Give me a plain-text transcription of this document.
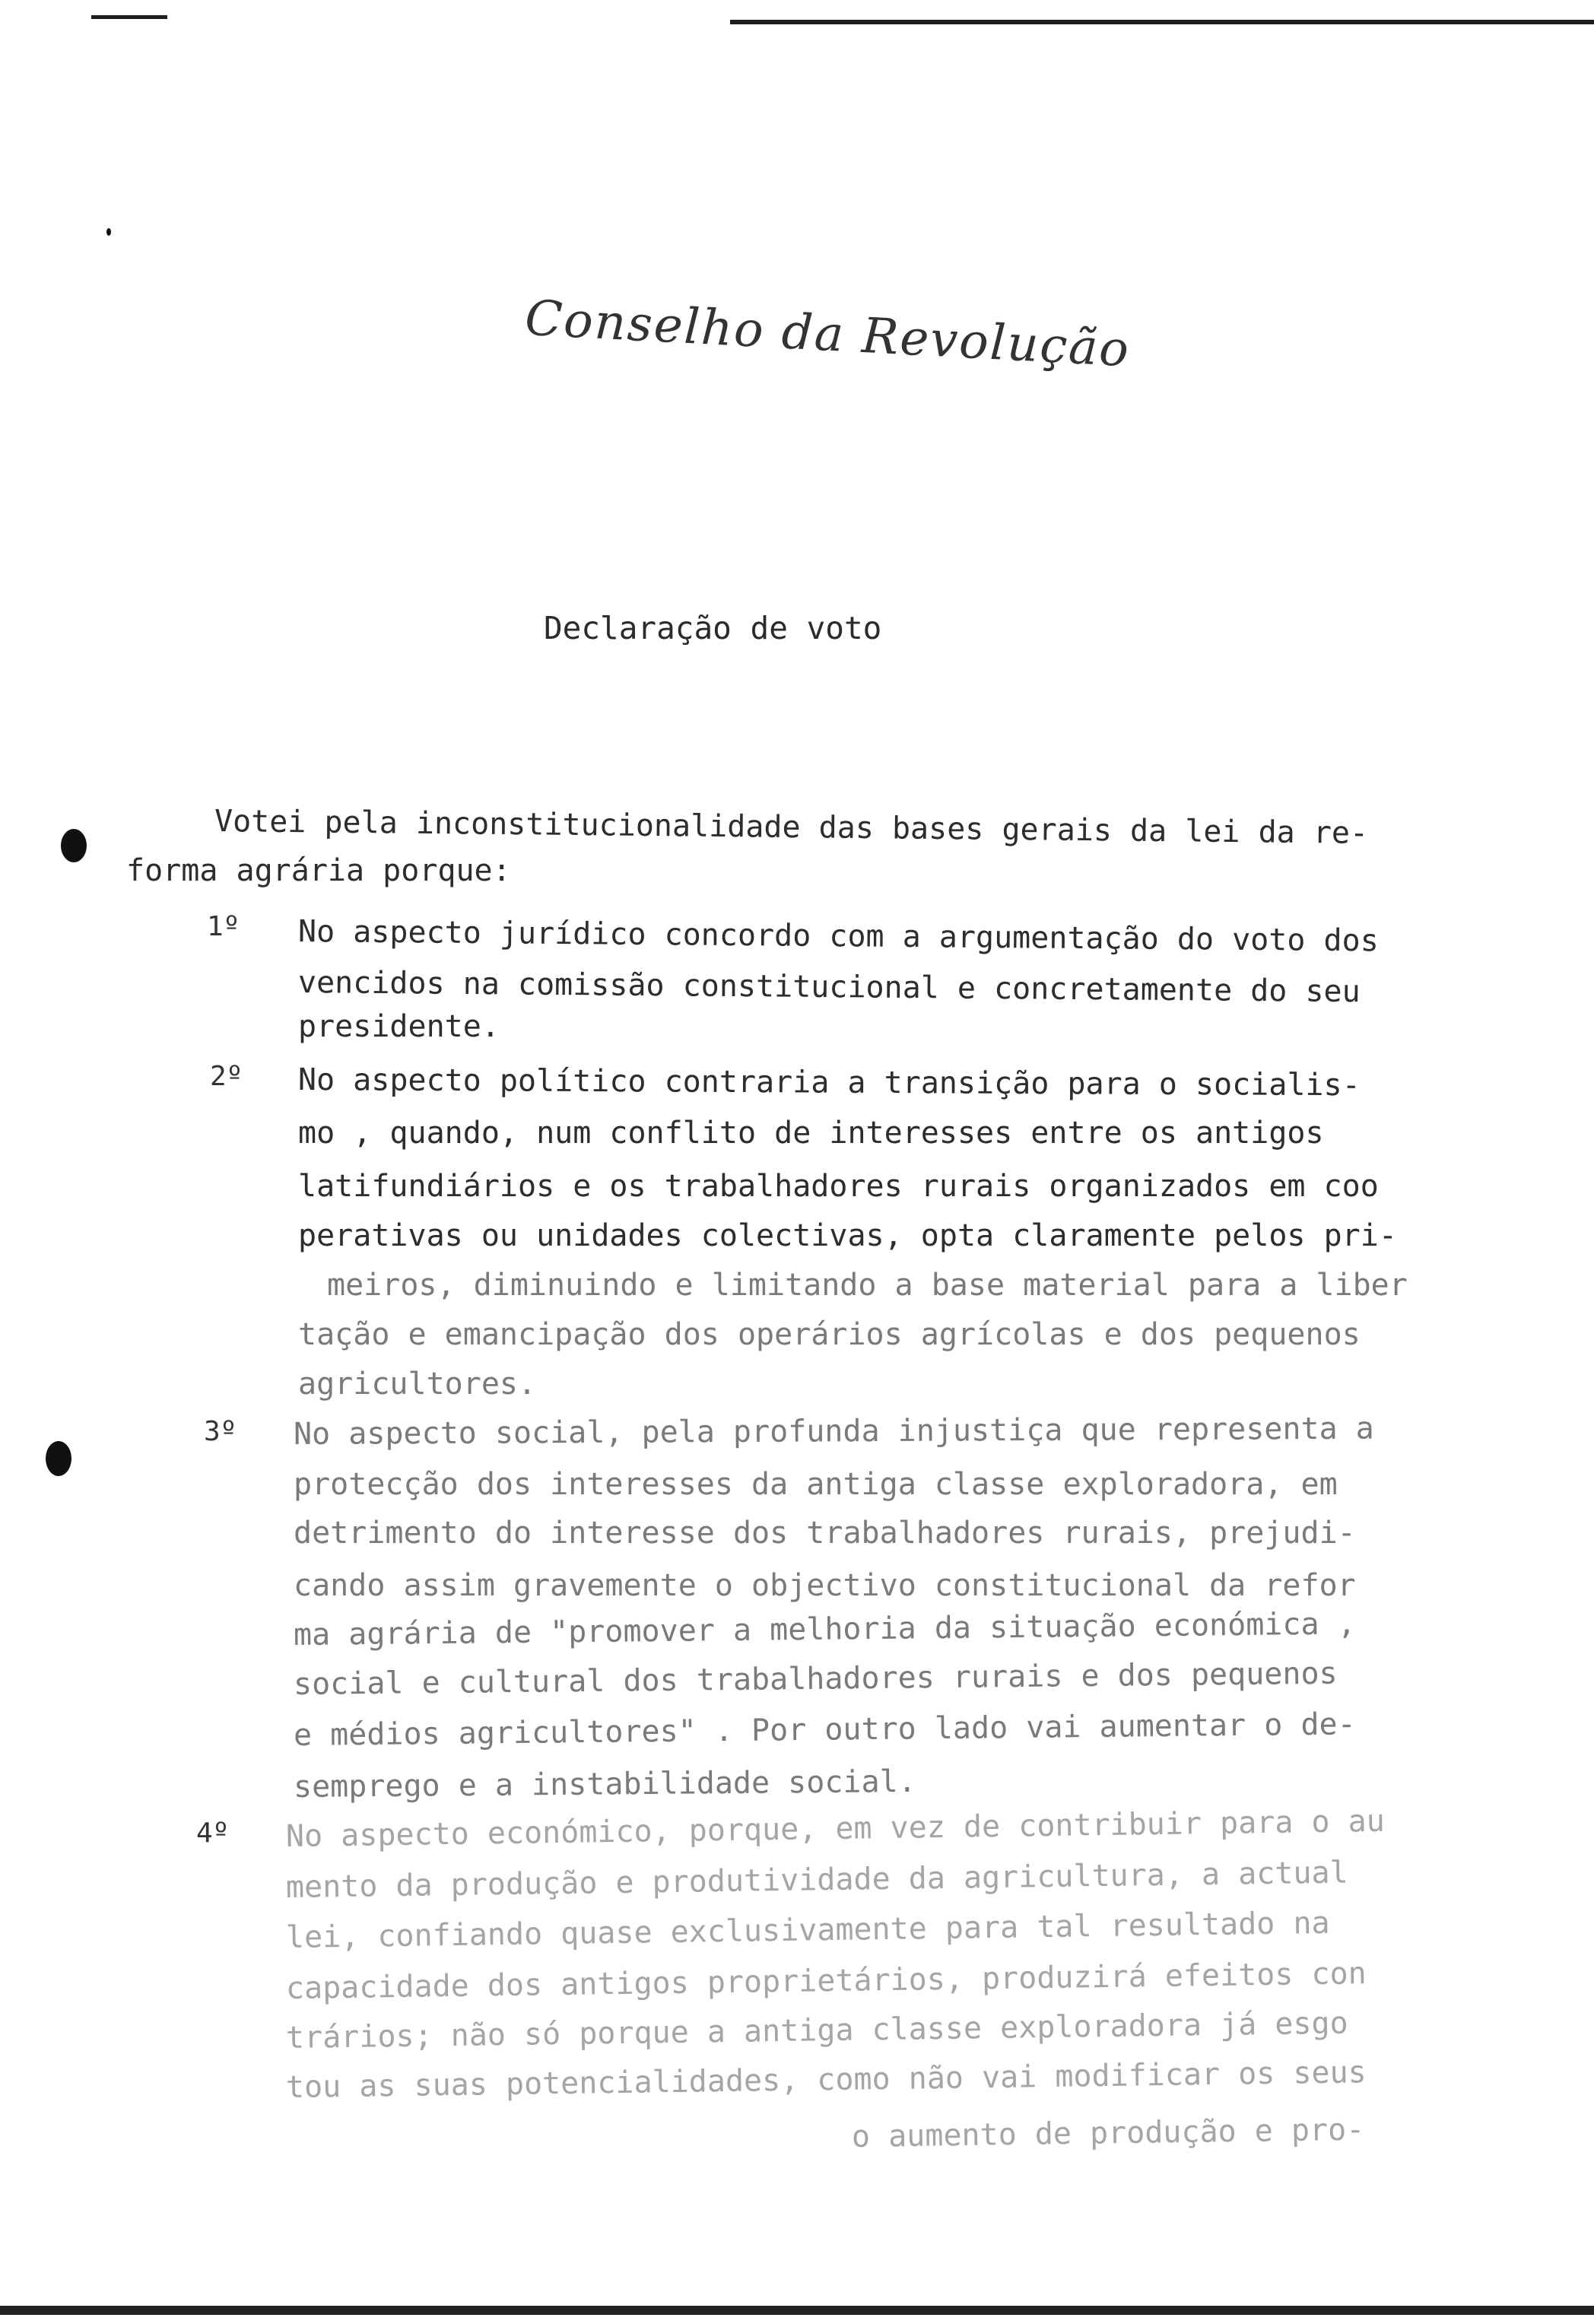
Conselho da Revolução
Declaração de voto
Votei pela inconstitucionalidade das bases gerais da lei da re-
forma agrária porque:
1º No aspecto jurídico concordo com a argumentação do voto dos
vencidos na comissão constitucional e concretamente do seu
presidente.
2º No aspecto político contraria a transição para o socialis-
mo , quando, num conflito de interesses entre os antigos
latifundiários e os trabalhadores rurais organizados em coo
perativas ou unidades colectivas, opta claramente pelos pri-
meiros, diminuindo e limitando a base material para a liber
tação e emancipação dos operários agrícolas e dos pequenos
agricultores.
3º No aspecto social, pela profunda injustiça que representa a
protecção dos interesses da antiga classe exploradora, em
detrimento do interesse dos trabalhadores rurais, prejudi-
cando assim gravemente o objectivo constitucional da refor
ma agrária de "promover a melhoria da situação económica ,
social e cultural dos trabalhadores rurais e dos pequenos
e médios agricultores" . Por outro lado vai aumentar o de-
semprego e a instabilidade social.
4º No aspecto económico, porque, em vez de contribuir para o au
mento da produção e produtividade da agricultura, a actual
lei, confiando quase exclusivamente para tal resultado na
capacidade dos antigos proprietários, produzirá efeitos con
trários; não só porque a antiga classe exploradora já esgo
tou as suas potencialidades, como não vai modificar os seus
o aumento de produção e pro-
